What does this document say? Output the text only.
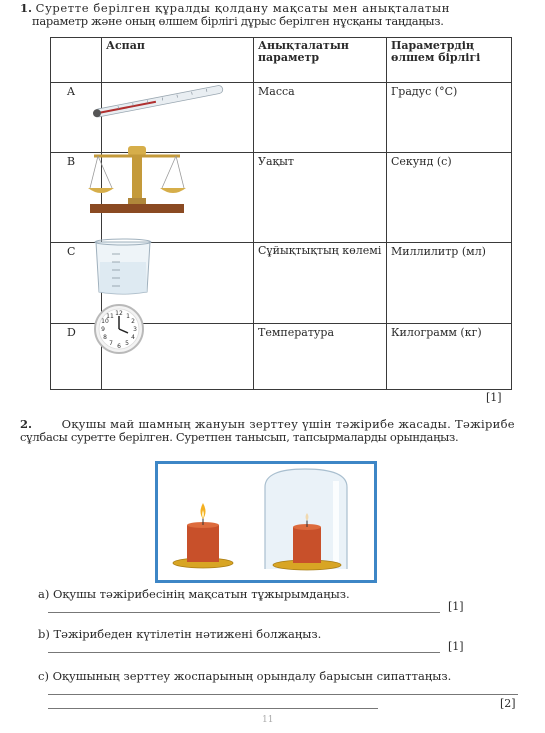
1. Суретте берілген құралды қолдану мақсаты мен анықталатын
параметр және оның өлшем бірлігі дұрыс берілген нұсқаны таңдаңыз.
	Аспап	Анықталатын параметр	Параметрдің өлшем бірлігі
A		Масса	Градус (°C)
B		Уақыт	Секунд (с)
C		Сұйықтықтың көлемі	Миллилитр (мл)
D		Температура	Килограмм (кг)
12
6
3
9
1
2
4
5
7
8
10
11
[1]
2.	Оқушы май шамның жануын зерттеу үшін тәжірибе жасады. Тәжірибе
сұлбасы суретте берілген. Суретпен танысып, тапсырмаларды орындаңыз.
a) Оқушы тәжірибесінің мақсатын тұжырымдаңыз.
[1]
b) Тәжірибеден күтілетін нәтижені болжаңыз.
[1]
c) Оқушының зерттеу жоспарының орындалу барысын сипаттаңыз.
[2]
11
